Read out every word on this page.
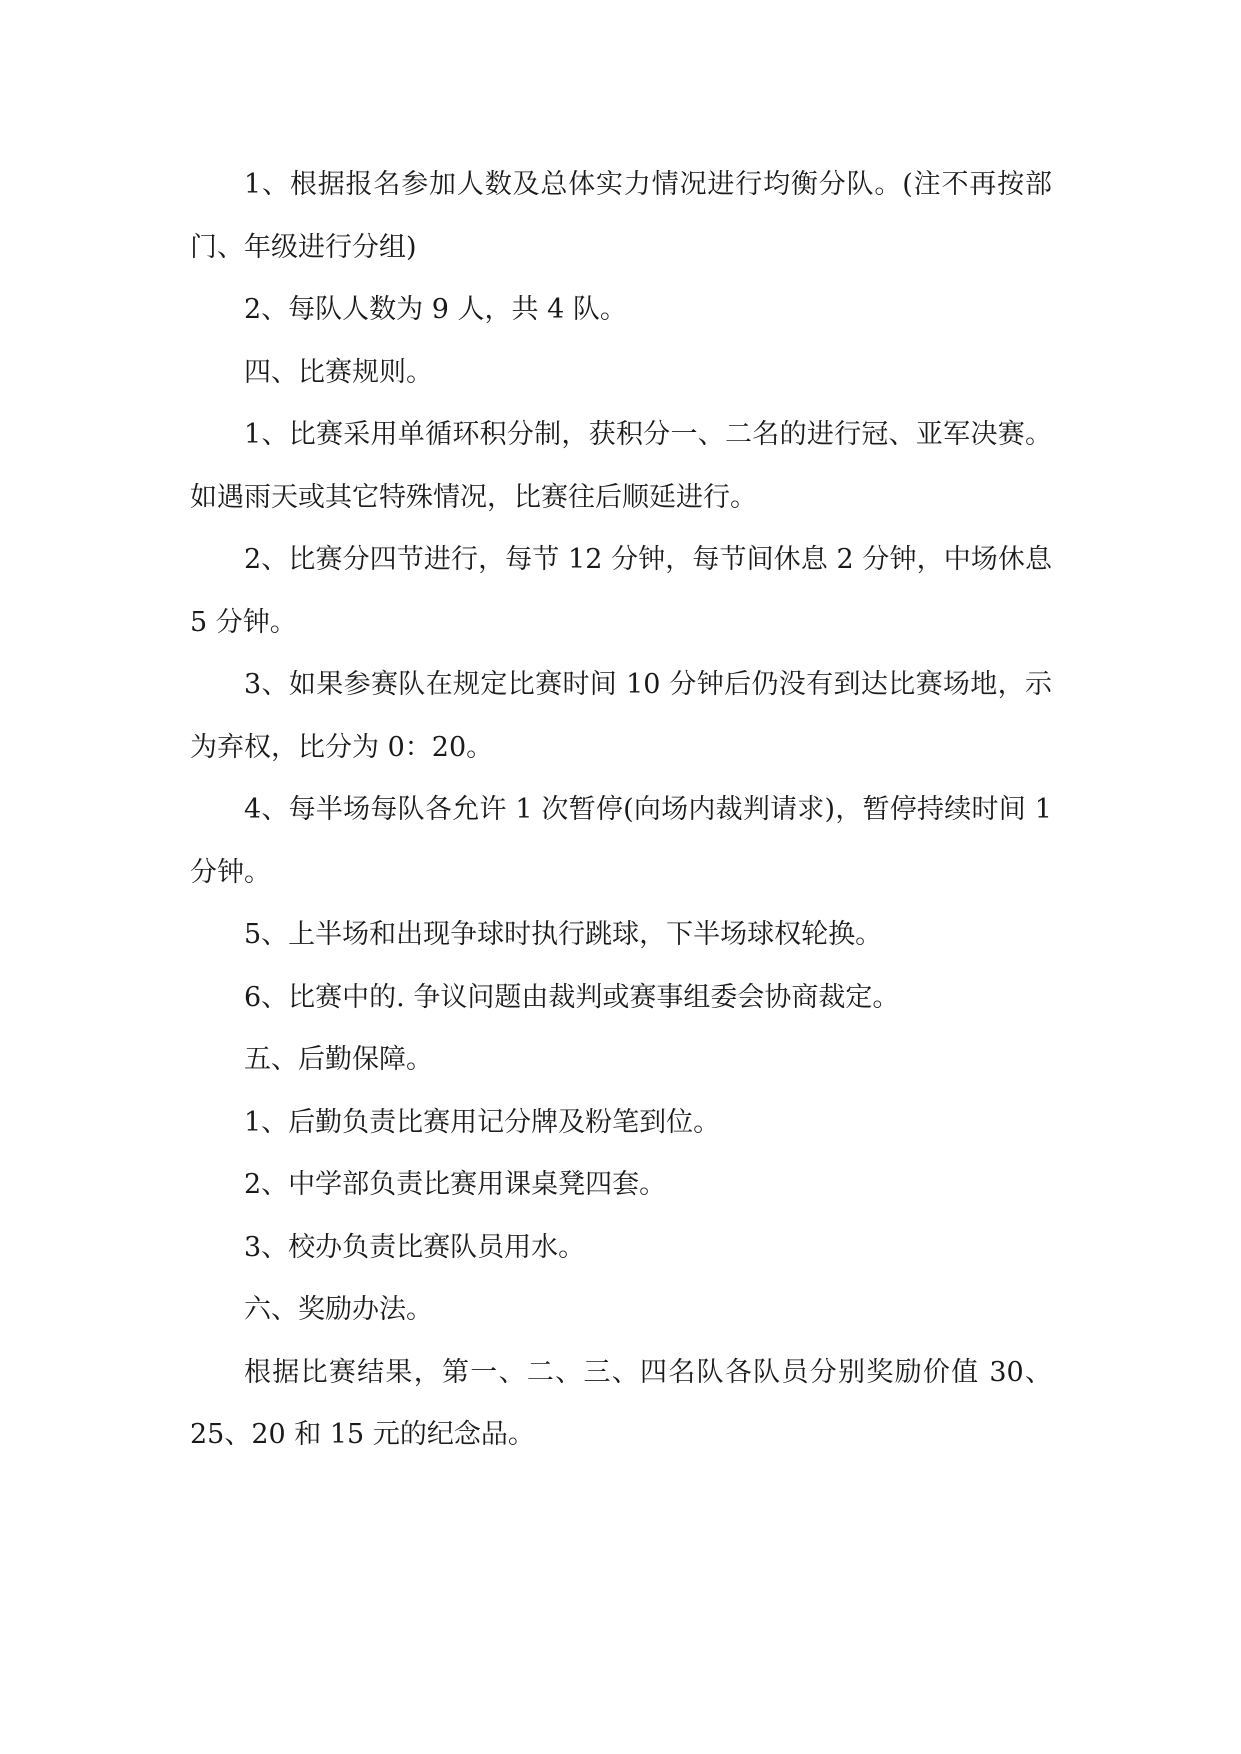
1、根据报名参加人数及总体实力情况进行均衡分队。(注不再按部门、年级进行分组)

2、每队人数为 9 人，共 4 队。

四、比赛规则。

1、比赛采用单循环积分制，获积分一、二名的进行冠、亚军决赛。如遇雨天或其它特殊情况，比赛往后顺延进行。

2、比赛分四节进行，每节 12 分钟，每节间休息 2 分钟，中场休息 5 分钟。

3、如果参赛队在规定比赛时间 10 分钟后仍没有到达比赛场地，示为弃权，比分为 0：20。

4、每半场每队各允许 1 次暂停(向场内裁判请求)，暂停持续时间 1 分钟。

5、上半场和出现争球时执行跳球，下半场球权轮换。

6、比赛中的. 争议问题由裁判或赛事组委会协商裁定。

五、后勤保障。

1、后勤负责比赛用记分牌及粉笔到位。

2、中学部负责比赛用课桌凳四套。

3、校办负责比赛队员用水。

六、奖励办法。

根据比赛结果，第一、二、三、四名队各队员分别奖励价值 30、25、20 和 15 元的纪念品。
